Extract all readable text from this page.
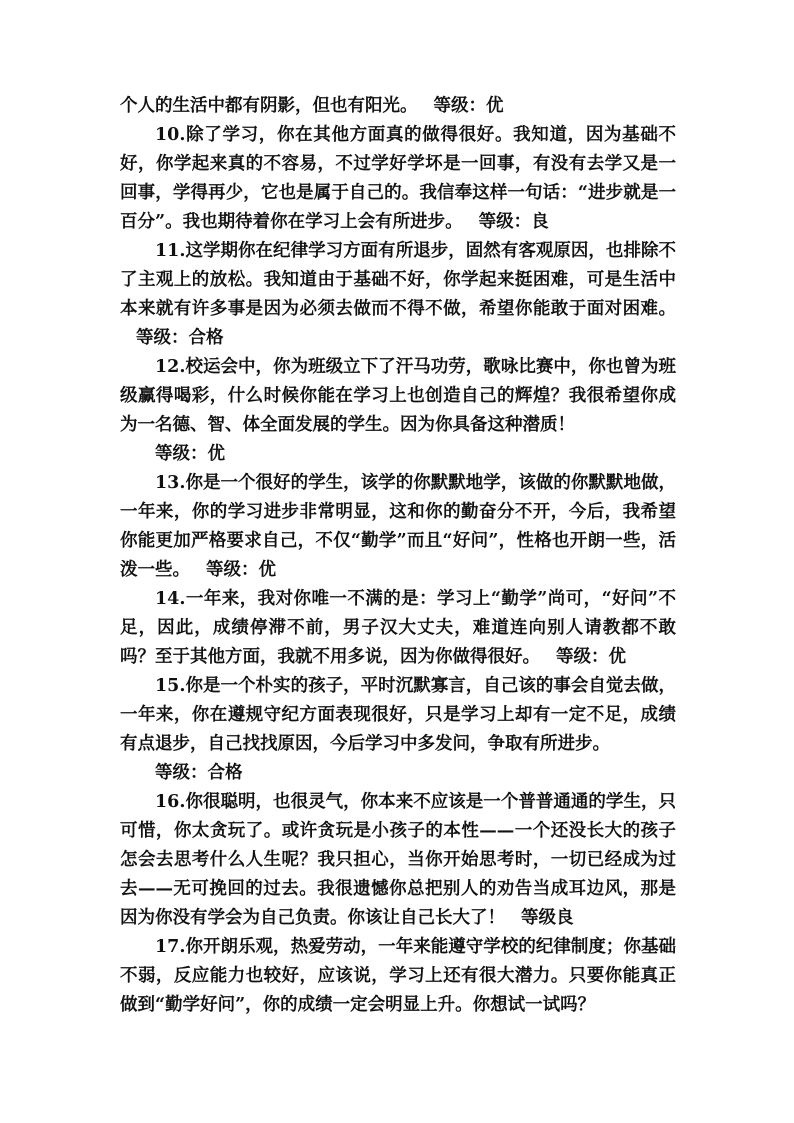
个人的生活中都有阴影，但也有阳光。 等级：优

10.除了学习，你在其他方面真的做得很好。我知道，因为基础不好，你学起来真的不容易，不过学好学坏是一回事，有没有去学又是一回事，学得再少，它也是属于自己的。我信奉这样一句话：“进步就是一百分”。我也期待着你在学习上会有所进步。 等级：良

11.这学期你在纪律学习方面有所退步，固然有客观原因，也排除不了主观上的放松。我知道由于基础不好，你学起来挺困难，可是生活中本来就有许多事是因为必须去做而不得不做，希望你能敢于面对困难。等级：合格

12.校运会中，你为班级立下了汗马功劳，歌咏比赛中，你也曾为班级赢得喝彩，什么时候你能在学习上也创造自己的辉煌？我很希望你成为一名德、智、体全面发展的学生。因为你具备这种潜质！
等级：优

13.你是一个很好的学生，该学的你默默地学，该做的你默默地做，一年来，你的学习进步非常明显，这和你的勤奋分不开，今后，我希望你能更加严格要求自己，不仅“勤学”而且“好问”，性格也开朗一些，活泼一些。 等级：优

14.一年来，我对你唯一不满的是：学习上“勤学”尚可，“好问”不足，因此，成绩停滞不前，男子汉大丈夫，难道连向别人请教都不敢吗？至于其他方面，我就不用多说，因为你做得很好。 等级：优

15.你是一个朴实的孩子，平时沉默寡言，自己该的事会自觉去做，一年来，你在遵规守纪方面表现很好，只是学习上却有一定不足，成绩有点退步，自己找找原因，今后学习中多发问，争取有所进步。
等级：合格

16.你很聪明，也很灵气，你本来不应该是一个普普通通的学生，只可惜，你太贪玩了。或许贪玩是小孩子的本性——一个还没长大的孩子怎会去思考什么人生呢？我只担心，当你开始思考时，一切已经成为过去——无可挽回的过去。我很遗憾你总把别人的劝告当成耳边风，那是因为你没有学会为自己负责。你该让自己长大了！ 等级良

17.你开朗乐观，热爱劳动，一年来能遵守学校的纪律制度；你基础不弱，反应能力也较好，应该说，学习上还有很大潜力。只要你能真正做到“勤学好问”，你的成绩一定会明显上升。你想试一试吗？
